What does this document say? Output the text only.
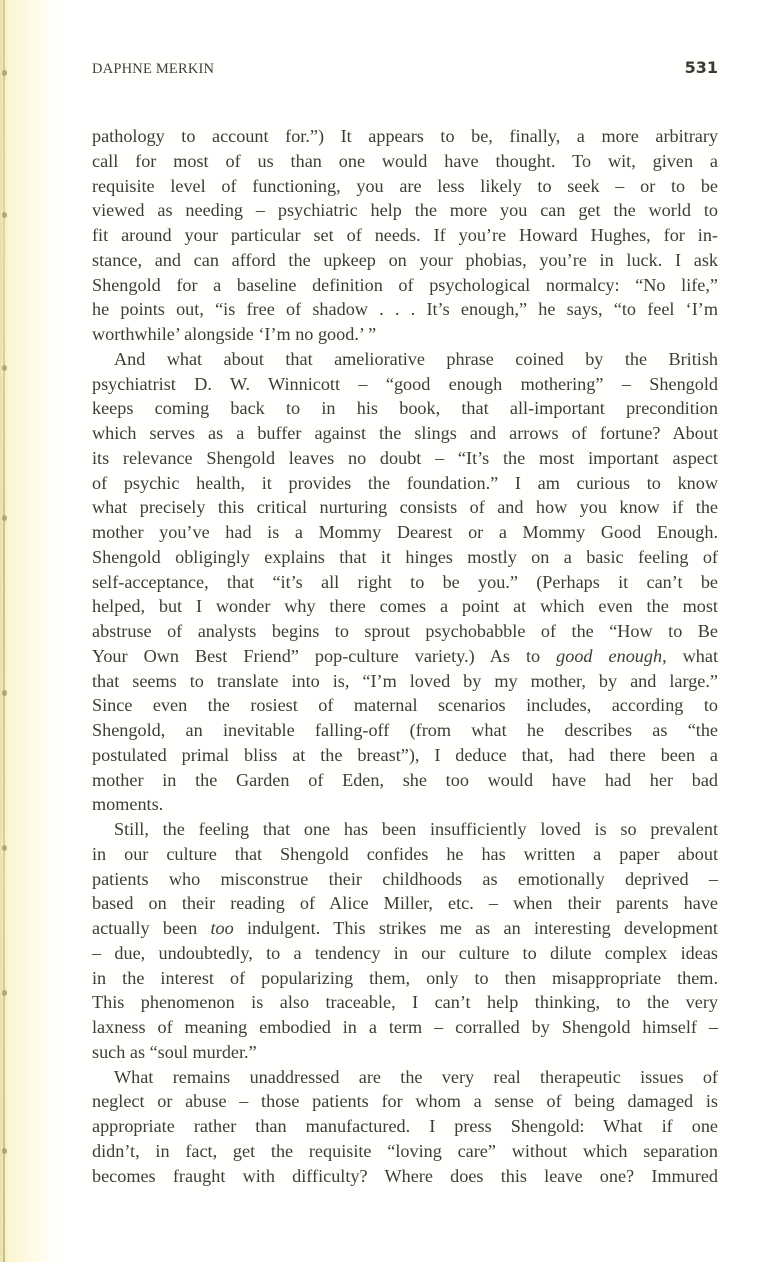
DAPHNE MERKIN	531
pathology to account for.”) It appears to be, finally, a more arbitrary
call for most of us than one would have thought. To wit, given a
requisite level of functioning, you are less likely to seek – or to be
viewed as needing – psychiatric help the more you can get the world to
fit around your particular set of needs. If you’re Howard Hughes, for in-
stance, and can afford the upkeep on your phobias, you’re in luck. I ask
Shengold for a baseline definition of psychological normalcy: “No life,”
he points out, “is free of shadow . . . It’s enough,” he says, “to feel ‘I’m
worthwhile’ alongside ‘I’m no good.’ ”
And what about that ameliorative phrase coined by the British
psychiatrist D. W. Winnicott – “good enough mothering” – Shengold
keeps coming back to in his book, that all-important precondition
which serves as a buffer against the slings and arrows of fortune? About
its relevance Shengold leaves no doubt – “It’s the most important aspect
of psychic health, it provides the foundation.” I am curious to know
what precisely this critical nurturing consists of and how you know if the
mother you’ve had is a Mommy Dearest or a Mommy Good Enough.
Shengold obligingly explains that it hinges mostly on a basic feeling of
self-acceptance, that “it’s all right to be you.” (Perhaps it can’t be
helped, but I wonder why there comes a point at which even the most
abstruse of analysts begins to sprout psychobabble of the “How to Be
Your Own Best Friend” pop-culture variety.) As to good enough, what
that seems to translate into is, “I’m loved by my mother, by and large.”
Since even the rosiest of maternal scenarios includes, according to
Shengold, an inevitable falling-off (from what he describes as “the
postulated primal bliss at the breast”), I deduce that, had there been a
mother in the Garden of Eden, she too would have had her bad
moments.
Still, the feeling that one has been insufficiently loved is so prevalent
in our culture that Shengold confides he has written a paper about
patients who misconstrue their childhoods as emotionally deprived –
based on their reading of Alice Miller, etc. – when their parents have
actually been too indulgent. This strikes me as an interesting development
– due, undoubtedly, to a tendency in our culture to dilute complex ideas
in the interest of popularizing them, only to then misappropriate them.
This phenomenon is also traceable, I can’t help thinking, to the very
laxness of meaning embodied in a term – corralled by Shengold himself –
such as “soul murder.”
What remains unaddressed are the very real therapeutic issues of
neglect or abuse – those patients for whom a sense of being damaged is
appropriate rather than manufactured. I press Shengold: What if one
didn’t, in fact, get the requisite “loving care” without which separation
becomes fraught with difficulty? Where does this leave one? Immured
